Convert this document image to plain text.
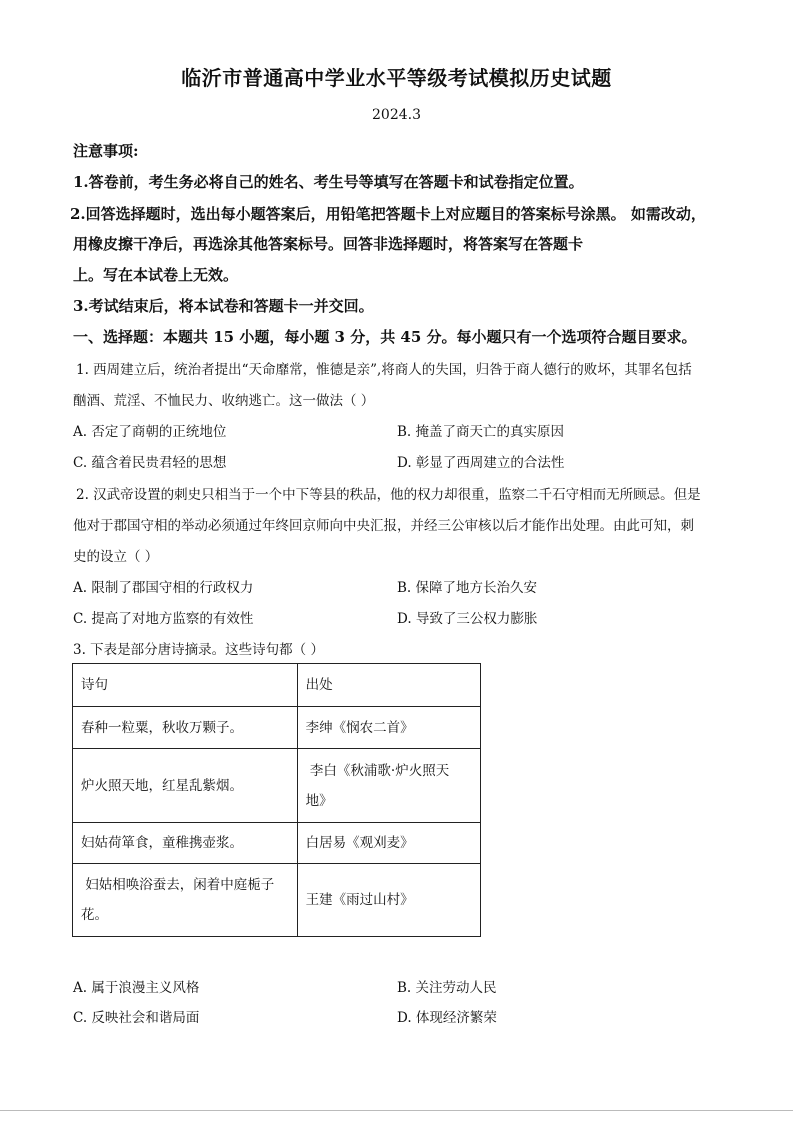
临沂市普通高中学业水平等级考试模拟历史试题
2024.3
注意事项:
1.答卷前，考生务必将自己的姓名、考生号等填写在答题卡和试卷指定位置。
2.回答选择题时，选出每小题答案后，用铅笔把答题卡上对应题目的答案标号涂黑。 如需改动，
用橡皮擦干净后，再选涂其他答案标号。回答非选择题时，将答案写在答题卡
上。写在本试卷上无效。
3.考试结束后，将本试卷和答题卡一并交回。
一、选择题：本题共 15 小题，每小题 3 分，共 45 分。每小题只有一个选项符合题目要求。
1. 西周建立后，统治者提出“天命靡常，惟德是亲”,将商人的失国，归咎于商人德行的败坏，其罪名包括
酗酒、荒淫、不恤民力、收纳逃亡。这一做法（ ）
A. 否定了商朝的正统地位	B. 掩盖了商天亡的真实原因
C. 蕴含着民贵君轻的思想	D. 彰显了西周建立的合法性
2. 汉武帝设置的刺史只相当于一个中下等县的秩品，他的权力却很重，监察二千石守相而无所顾忌。但是
他对于郡国守相的举动必须通过年终回京师向中央汇报，并经三公审核以后才能作出处理。由此可知，刺
史的设立（ ）
A. 限制了郡国守相的行政权力	B. 保障了地方长治久安
C. 提高了对地方监察的有效性	D. 导致了三公权力膨胀
3. 下表是部分唐诗摘录。这些诗句都（ ）
诗句	出处
春种一粒粟，秋收万颗子。	李绅《悯农二首》
炉火照天地，红星乱紫烟。	李白《秋浦歌·炉火照天
地》

妇姑荷箪食，童稚携壶浆。	白居易《观刈麦》

妇姑相唤浴蚕去，闲着中庭栀子
花。	王建《雨过山村》
A. 属于浪漫主义风格	B. 关注劳动人民
C. 反映社会和谐局面	D. 体现经济繁荣
